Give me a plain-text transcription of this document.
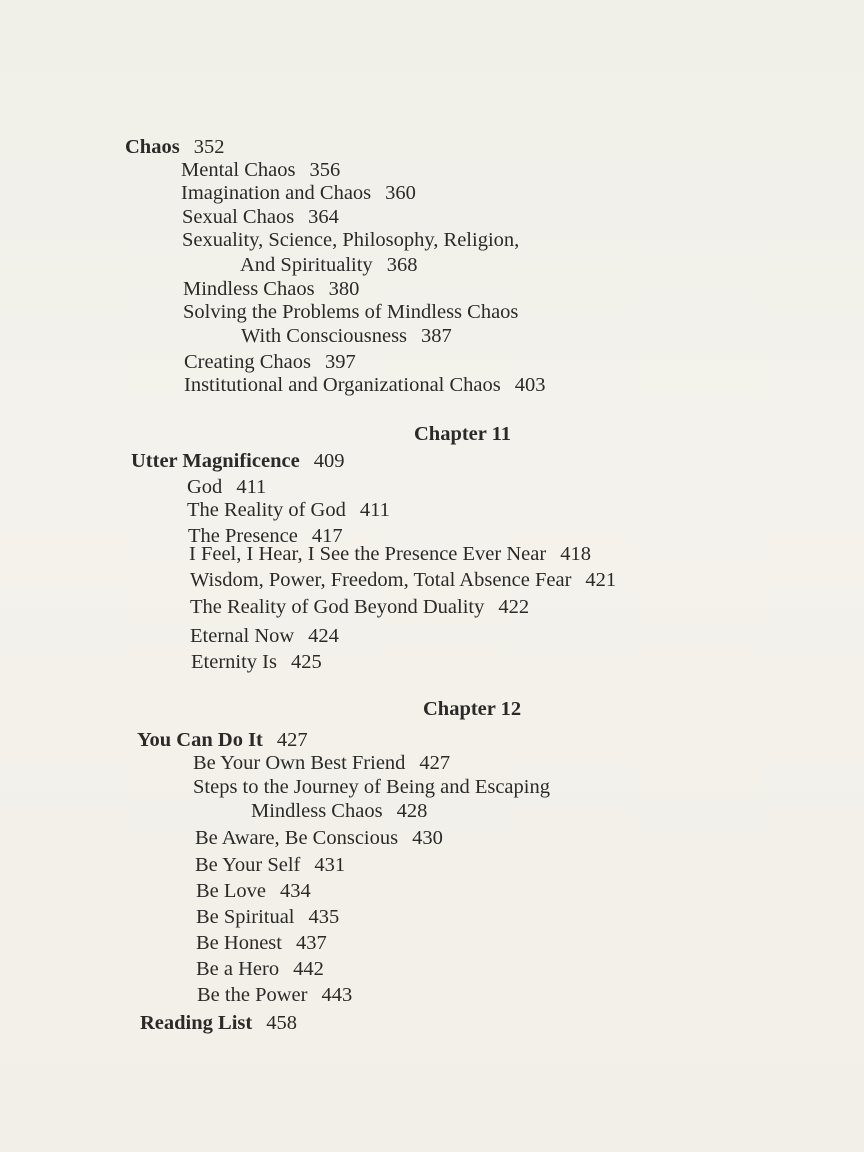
Chaos 352
Mental Chaos 356
Imagination and Chaos 360
Sexual Chaos 364
Sexuality, Science, Philosophy, Religion,
And Spirituality 368
Mindless Chaos 380
Solving the Problems of Mindless Chaos
With Consciousness 387
Creating Chaos 397
Institutional and Organizational Chaos 403
Chapter 11
Utter Magnificence 409
God 411
The Reality of God 411
The Presence 417
I Feel, I Hear, I See the Presence Ever Near 418
Wisdom, Power, Freedom, Total Absence Fear 421
The Reality of God Beyond Duality 422
Eternal Now 424
Eternity Is 425
Chapter 12
You Can Do It 427
Be Your Own Best Friend 427
Steps to the Journey of Being and Escaping
Mindless Chaos 428
Be Aware, Be Conscious 430
Be Your Self 431
Be Love 434
Be Spiritual 435
Be Honest 437
Be a Hero 442
Be the Power 443
Reading List 458
